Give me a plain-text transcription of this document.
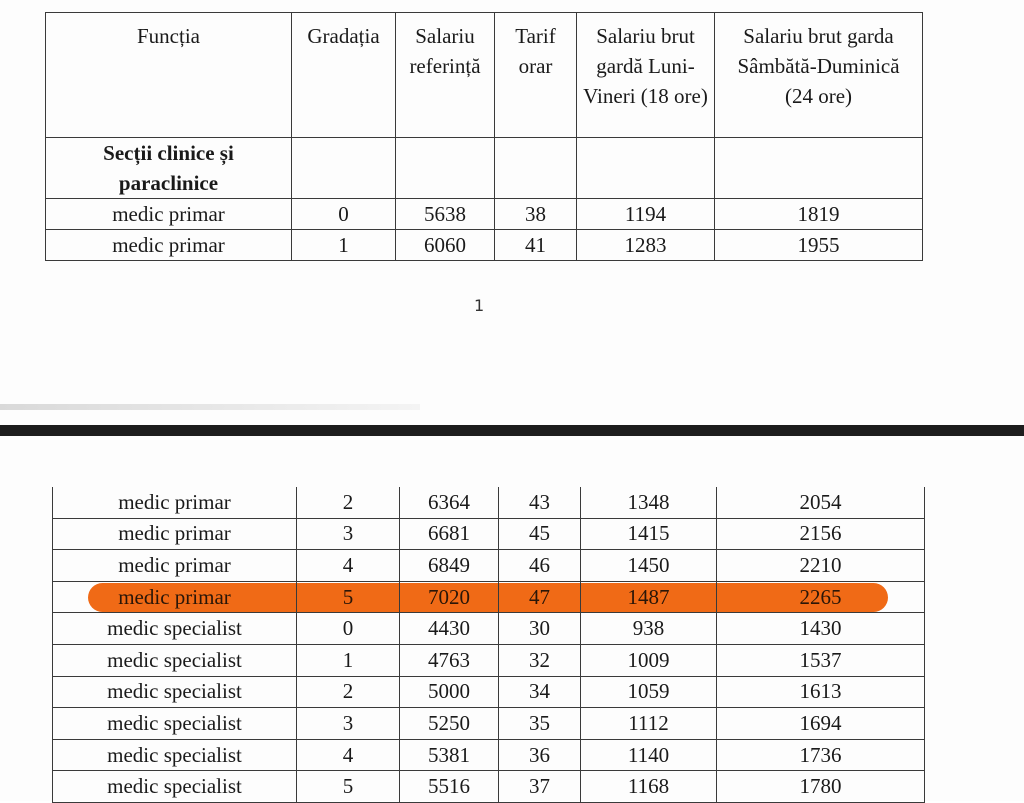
Funcția	Gradația	Salariu referință	Tarif orar	Salariu brut gardă Luni-Vineri (18 ore)	Salariu brut garda Sâmbătă-Duminică (24 ore)
Secții clinice și paraclinice					
medic primar	0	5638	38	1194	1819
medic primar	1	6060	41	1283	1955
1
medic primar	2	6364	43	1348	2054
medic primar	3	6681	45	1415	2156
medic primar	4	6849	46	1450	2210
medic primar	5	7020	47	1487	2265
medic specialist	0	4430	30	938	1430
medic specialist	1	4763	32	1009	1537
medic specialist	2	5000	34	1059	1613
medic specialist	3	5250	35	1112	1694
medic specialist	4	5381	36	1140	1736
medic specialist	5	5516	37	1168	1780
